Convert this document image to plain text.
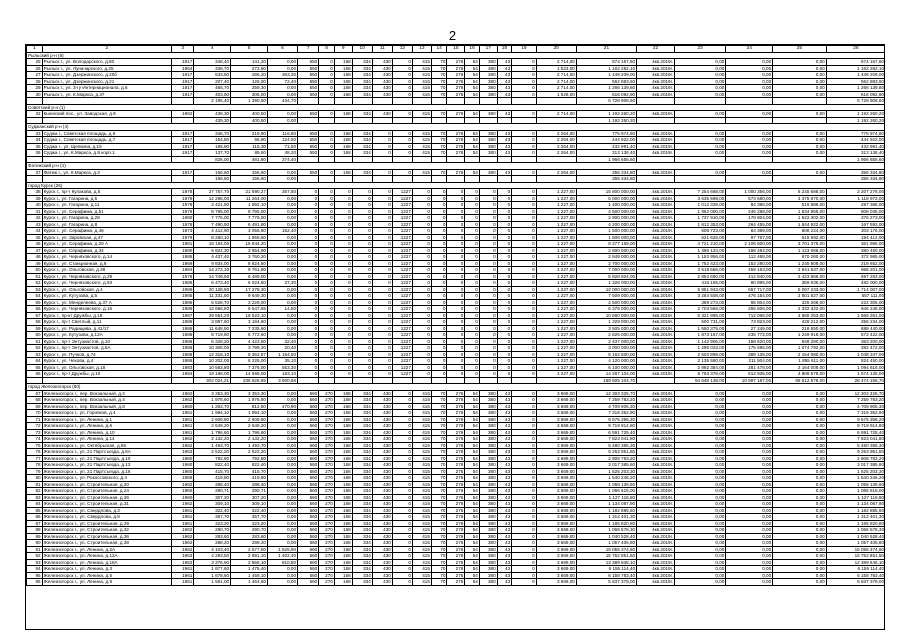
2
1	2	3	4	5	6	7	8	9	10	11	12	13	14	15	16	17	18	19	20	21	22	23	24	25	26
Рыльский р-н (6)																									
25	Рыльск г., ул. Володарского, д.80	1917	348,40	141,20	0,00	550	0	168	334	430	0	415	70	276	54	380	43	0	2 714,00	674 157,60	4кв.2019г.	0,00	0,00	0,00	674 157,60
26	Рыльск г., ул. Луначарского, д.25	1954	336,70	272,80	0,00	550	0	168	334	430	0	415	70	276	54	380	43	0	1 523,00	1 162 282,10	4кв.2019г.	0,00	0,00	0,00	1 162 282,10
27	Рыльск г., ул. Дзержинского, д.20б	1917	533,50	286,20	363,30	550	0	168	334	430	0	415	70	276	54	380	43	0	2 714,00	1 448 209,00	4кв.2019г.	0,00	0,00	0,00	1 448 209,00
28	Рыльск г., ул. Дзержинского, д.21	1917	207,40	126,00	72,40	550	0	168	334	430	0	415	70	276	54	380	43	0	2 714,00	562 883,60	4кв.2019г.	0,00	0,00	0,00	562 883,60
29	Рыльск г., ул. 3-гу Интернационала, д.6	1917	465,70	259,30	0,00	550	0	168	334	430	0	415	70	276	54	380	43	0	2 714,00	1 266 139,80	4кв.2019г.	0,00	0,00	0,00	1 266 139,80
30	Рыльск г., ул. К.Маркса, д.37	1917	403,50	306,00	0,00	550	0	168	334	430	0	415	70	276	54	380	43	0	1 528,00	616 092,90	4кв.2019г.	0,00	0,00	0,00	616 092,90
			2 195,40	1 390,50	434,70															5 728 908,60					5 728 908,60
Советский р-н (1)																									
32	Кшенский пос., ул. Заводская, д.9	1962	439,30	400,50	0,00	550	0	168	334	430	0	415	70	276	54	380	43	0	2 714,00	1 192 260,20	4кв.2019г.	0,00	0,00	0,00	1 192 260,20
			439,30	400,50	0,00															1 192 260,20					1 192 260,20
Суджанский р-н (4)																									
33	Суджа г., Советская площадь, д.9	1917	336,70	219,90	116,80	550	0	168	334	0	0	415	70	276	54	380	43	0	2 264,00	775 974,80	4кв.2019г.	0,00	0,00	0,00	775 974,80
34	Суджа г., Советская площадь, д.7	1917	164,80	56,90	124,50	550	0	168	334	0	0	415	70	276	54	380	43	0	2 264,00	444 922,00	4кв.2019г.	0,00	0,00	0,00	444 922,00
35	Суджа г., ул. Щепкина, д.15	1917	186,80	115,30	71,50	550	0	168	334	0	0	415	70	276	54	380	43	0	2 264,00	432 991,40	4кв.2019г.	0,00	0,00	0,00	432 991,40
36	Суджа г., ул. К.Маркса, д.8 корп.1	1917	137,70	89,50	48,20	550	0	168	334	0	0	415	70	276	54	380	43	0	2 264,00	313 136,40	4кв.2019г.	0,00	0,00	0,00	313 136,40
			826,00	481,60	374,40															1 966 655,60					1 966 655,60
Фатежский р-н (1)																									
37	Фатеж г., ул. К.Маркса, д.3	1917	156,60	156,60	0,00	550	0	168	334	0	0	415	70	276	54	380	43	0	2 264,00	356 334,80	4кв.2019г.	0,00	0,00	0,00	356 334,80
			156,60	156,60	0,00															356 334,80					356 334,80
город Курск (26)																									
38	Курск г., пр-т Кулакова, д.5	1978	27 757,70	21 890,27	357,50	0	0	0	0	0	1227	0	0	0	0	0	0	0	1 227,00	15 800 000,00	4кв.2019г.	7 254 688,00	1 000 356,00	6 245 688,00	2 207 276,00
39	Курск г., ул. Гагарина, д.5	1978	12 298,00	11 264,00	0,00	0	0	0	0	0	1227	0	0	0	0	0	0	0	1 227,00	6 000 000,00	4кв.2019г.	3 635 599,00	573 680,00	3 375 870,00	1 118 973,00
40	Курск г., ул. Гагарина, д.11	1978	3 421,50	1 892,10	0,00	0	0	0	0	0	1227	0	0	0	0	0	0	0	1 227,00	1 400 000,00	4кв.2019г.	1 012 339,00	84 386,00	516 889,00	297 386,00
41	Курск г., ул. Серафима, д.51	1979	8 795,00	8 795,00	0,00	0	0	0	0	0	1227	0	0	0	0	0	0	0	1 227,00	4 500 000,00	4кв.2019г.	1 962 000,00	246 288,00	1 634 955,00	808 045,00
42	Курск г., ул. Гагарина, д.28	1980	7 776,00	7 776,00	0,00	0	0	0	0	0	1227	0	0	0	0	0	0	0	1 227,00	2 900 000,00	4кв.2019г.	1 737 910,00	178 804,00	1 522 302,00	376 273,00
43	Курск г., ул. Гагарина, д.8	1978	7 490,50	6 491,80	0,00	0	0	0	0	0	1227	0	0	0	0	0	0	0	1 227,00	4 200 000,00	4кв.2019г.	1 812 353,00	264 455,00	1 844 922,00	167 592,00
44	Курск г., ул. Серафима, д.46	1973	4 412,90	3 055,60	152,40	0	0	0	0	0	1227	0	0	0	0	0	0	0	1 227,00	1 500 000,00	4кв.2019г.	608 723,00	64 389,00	608 224,00	303 176,00
45	Курск г., ул. Заровская, д.47	1979	8 260,10	1 959,60	0,00	0	0	0	0	0	1227	0	0	0	0	0	0	0	1 227,00	1 608 000,00	4кв.2019г.	621 625,00	97 767,00	515 592,00	194 412,00
46	Курск г., ул. Серафима, д.29 А	1981	18 184,00	15 844,20	0,00	0	0	0	0	0	1227	0	0	0	0	0	0	0	1 227,00	8 377 169,00	4кв.2019г.	4 721 210,00	2 105 600,00	3 701 375,00	361 985,00
47	Курск г., ул. Серафима, д.34	1980	6 824,30	3 654,90	0,00	0	0	0	0	0	1227	0	0	0	0	0	0	0	1 227,00	2 800 000,00	4кв.2019г.	1 396 134,00	168 484,00	1 123 066,00	380 460,00
48	Курск г., ул. Черняховского, д.14	1985	4 437,40	3 760,20	0,00	0	0	0	0	0	1227	0	0	0	0	0	0	0	1 227,00	2 849 000,00	4кв.2019г.	1 153 956,00	112 468,00	670 260,00	372 985,00
49	Курск г., ул. Станционная, д.8	1969	9 834,00	8 824,60	0,00	0	0	0	0	0	1227	0	0	0	0	0	0	0	1 227,00	2 700 000,00	4кв.2019г.	1 752 423,00	153 280,00	1 245 808,00	219 652,00
50	Курск г., ул. Ольговская, д.38	1984	14 272,30	9 761,80	0,00	0	0	0	0	0	1227	0	0	0	0	0	0	0	1 227,00	7 000 000,00	4кв.2019г.	3 518 666,00	459 163,00	2 941 637,00	968 201,00
51	Курск г., ул. Черняховского, д.29	1978	14 749,50	6 489,00	0,00	0	0	0	0	0	1227	0	0	0	0	0	0	0	1 227,00	5 828 604,00	4кв.2019г.	2 853 680,00	412 840,00	2 423 866,00	697 283,00
52	Курск г., ул. Черняховского, д.53	1985	6 473,40	6 024,50	37,30	0	0	0	0	0	1227	0	0	0	0	0	0	0	1 227,00	1 328 000,00	4кв.2019г.	416 155,00	80 895,00	359 635,00	482 000,00
53	Курск г., ул. Ольговская, д.4	1986	20 128,80	17 278,30	0,00	0	0	0	0	0	1227	0	0	0	0	0	0	0	1 227,00	12 000 000,00	4кв.2019г.	5 851 943,00	657 717,00	5 097 233,00	1 714 007,00
54	Курск г., ул. Кутузова, д.5	1985	11 331,50	9 649,30	0,00	0	0	0	0	0	1227	0	0	0	0	0	0	0	1 227,00	7 509 000,00	4кв.2019г.	3 264 508,00	476 154,00	2 801 827,00	557 111,00
55	Курск г., ул. Менделеева, д.37 А	1986	5 528,70	3 229,00	0,00	0	0	0	0	0	1227	0	0	0	0	0	0	0	1 227,00	2 500 000,00	4кв.2019г.	389 273,00	85 804,00	325 268,00	222 305,00
56	Курск г., ул. Черняховского, д.16	1986	12 666,80	9 547,65	14,50	0	0	0	0	0	1227	0	0	0	0	0	0	0	1 227,00	6 375 000,00	4кв.2019г.	2 703 666,00	265 606,00	2 332 322,00	946 245,00
57	Курск г., пр-кт Дружбы, д.18	1987	29 554,20	18 523,10	0,00	0	0	0	0	0	1227	0	0	0	0	0	0	0	1 227,00	10 680 000,00	4кв.2019г.	5 321 896,00	712 066,00	4 668 253,00	1 665 261,00
58	Курск г., пр-т Светлый, д.11	1986	3 897,60	3 194,60	0,00	0	0	0	0	0	1227	0	0	0	0	0	0	0	1 227,00	1 329 000,00	4кв.2019г.	500 731,00	73 823,00	428 212,00	356 234,00
59	Курск г., ул. Радищева, д.41/17	1986	11 648,50	7 235,60	0,00	0	0	0	0	0	1227	0	0	0	0	0	0	0	1 227,00	3 505 000,00	4кв.2019г.	1 550 375,00	27 249,00	218 650,00	688 440,00
60	Курск г., ул. Кутузова, д.12А	1986	8 719,80	6 772,60	0,00	0	0	0	0	0	1227	0	0	0	0	0	0	0	1 227,00	2 625 000,00	4кв.2019г.	1 873 167,00	235 772,00	1 249 918,00	572 422,00
61	Курск г., пр-т Энтузиастов, д.10	1986	6 328,20	4 423,60	32,40	0	0	0	0	0	1227	0	0	0	0	0	0	0	1 227,00	2 437 000,00	4кв.2019г.	1 142 906,00	158 620,00	948 290,00	363 200,00
62	Курск г., пр-т Энтузиастов, д.5А	1986	10 308,00	3 799,20	20,40	0	0	0	0	0	1227	0	0	0	0	0	0	0	1 227,00	3 000 000,00	4кв.2019г.	1 295 033,00	175 695,00	1 074 792,00	392 472,00
63	Курск г., ул. Пучков, д.74	1986	12 318,10	9 352,87	1 184,50	0	0	0	0	0	1227	0	0	0	0	0	0	0	1 227,00	5 162 500,00	4кв.2019г.	2 503 898,00	389 138,00	2 154 080,00	1 048 347,00
64	Курск г., ул. Чехова, д.4	1986	10 202,00	6 225,00	35,10	0	0	0	0	0	1227	0	0	0	0	0	0	0	1 227,00	4 120 000,00	4кв.2019г.	2 135 580,00	211 504,00	1 855 611,00	824 450,00
65	Курск г., ул. Ольговская, д.18	1983	10 563,80	7 376,00	553,30	0	0	0	0	0	1227	0	0	0	0	0	0	0	1 227,00	6 100 000,00	4кв.2019г.	2 992 384,00	281 478,00	2 164 006,00	1 094 816,00
66	Курск г., пр-т Дружбы, д.10	1984	19 198,00	14 668,00	183,10	0	0	0	0	0	1227	0	0	0	0	0	0	0	1 227,00	14 287 104,00	4кв.2019г.	6 793 376,00	612 935,00	4 808 578,00	1 574 135,00
			302 024,21	235 526,95	3 600,86															169 925 104,70		94 648 138,00	10 997 187,00	88 512 578,00	28 474 155,70
город Железногорск (60)																									
67	Железногорск г., пер. Вокзальный, д.2	1962	3 353,30	3 353,30	0,00	560	270	168	334	430	0	415	70	276	54	380	43	0	3 669,00	12 303 325,70	4кв.2019г.	0,00	0,00	0,00	12 303 325,70
68	Железногорск г., пер. Вокзальный, д.4	1962	1 978,60	1 976,60	0,00	560	270	168	334	430	0	415	70	276	54	380	43	0	3 669,00	7 259 783,20	4кв.2019г.	0,00	0,00	0,00	7 259 783,20
69	Железногорск г., пер. Вокзальный, д.8	1960	1 283,70	812,80	470,90	560	270	168	334	430	0	415	70	276	54	380	43	0	3 669,00	4 709 905,30	4кв.2019г.	0,00	0,00	0,00	4 709 905,30
70	Железногорск г., ул. Горняков, д.4	1961	1 994,10	1 994,10	0,00	560	270	168	334	430	0	415	70	276	54	380	43	0	3 669,00	7 316 352,90	4кв.2019г.	0,00	0,00	0,00	7 316 352,90
71	Железногорск г., ул. Ленина, д.1	1961	2 609,80	2 609,80	0,00	560	270	168	334	430	0	415	70	276	54	380	43	0	3 669,00	9 575 356,20	4кв.2019г.	0,00	0,00	0,00	9 575 356,20
72	Железногорск г., ул. Ленина, д.6	1961	2 649,20	2 649,20	0,00	560	270	168	334	430	0	415	70	276	54	380	43	0	3 669,00	9 719 914,80	4кв.2019г.	0,00	0,00	0,00	9 719 914,80
73	Железногорск г., ул. Ленина, д.10	1961	1 796,60	1 796,60	0,00	560	270	168	334	430	0	415	70	276	54	380	43	0	3 669,00	6 591 725,40	4кв.2019г.	0,00	0,00	0,00	6 591 725,40
74	Железногорск г., ул. Ленина, д.14	1962	2 132,20	2 132,20	0,00	560	270	168	334	430	0	415	70	276	54	380	43	0	3 669,00	7 823 041,80	4кв.2019г.	0,00	0,00	0,00	7 823 041,80
75	Железногорск г., ул. Октябрьская, д.85	1962	1 493,70	1 493,70	0,00	560	270	168	334	430	0	415	70	276	54	380	43	0	3 669,00	5 480 385,30	4кв.2019г.	0,00	0,00	0,00	5 480 385,30
76	Железногорск г., ул. 21 Партсъезда, д.6А	1963	2 522,20	2 522,20	0,00	560	270	168	334	430	0	415	70	276	54	380	43	0	3 669,00	9 253 951,80	4кв.2019г.	0,00	0,00	0,00	9 253 951,80
77	Железногорск г., ул. 21 Партсъезда, д.10	1960	792,80	792,80	0,00	560	270	168	334	430	0	415	70	276	54	380	43	0	3 669,00	2 908 783,20	4кв.2019г.	0,00	0,00	0,00	2 908 783,20
78	Железногорск г., ул. 21 Партсъезда, д.13	1960	822,40	822,40	0,00	560	270	168	334	430	0	415	70	276	54	380	43	0	3 669,00	3 017 385,60	4кв.2019г.	0,00	0,00	0,00	3 017 385,60
79	Железногорск г., ул. 21 Партсъезда, д.16	1960	415,70	415,70	0,00	560	270	168	334	430	0	415	70	276	54	380	43	0	3 669,00	1 525 203,30	4кв.2019г.	0,00	0,00	0,00	1 525 203,30
80	Железногорск г., ул. Рокоссовского, д.4	1959	419,80	419,80	0,00	560	270	168	334	430	0	415	70	276	54	380	43	0	3 669,00	1 540 246,20	4кв.2019г.	0,00	0,00	0,00	1 540 246,20
81	Железногорск г., ул. Строительная, д.20	1962	288,40	288,40	0,00	560	270	168	334	430	0	415	70	276	54	380	43	0	3 669,00	1 058 139,60	4кв.2019г.	0,00	0,00	0,00	1 058 139,60
82	Железногорск г., ул. Строительная, д.24	1960	290,71	290,71	0,00	560	270	168	334	430	0	415	70	276	54	380	43	0	3 669,00	1 066 615,00	4кв.2019г.	0,00	0,00	0,00	1 066 615,00
83	Железногорск г., ул. Строительная, д.26	1960	307,20	307,20	0,00	560	270	168	334	430	0	415	70	276	54	380	43	0	3 669,00	1 127 116,80	4кв.2019г.	0,00	0,00	0,00	1 127 116,80
84	Железногорск г., ул. Строительная, д.31	1962	309,10	309,10	0,00	560	270	168	334	430	0	415	70	276	54	380	43	0	3 669,00	1 134 087,90	4кв.2019г.	0,00	0,00	0,00	1 134 087,90
85	Железногорск г., ул. Свердлова, д.3	1961	322,40	322,40	0,00	560	270	168	334	430	0	415	70	276	54	380	43	0	3 669,00	1 182 885,60	4кв.2019г.	0,00	0,00	0,00	1 182 885,60
86	Железногорск г., ул. Свердлова, д.8	1961	357,70	357,70	0,00	560	270	168	334	430	0	415	70	276	54	380	43	0	3 669,00	1 312 401,30	4кв.2019г.	0,00	0,00	0,00	1 312 401,30
87	Железногорск г., ул. Строительная, д.29	1961	323,20	323,20	0,00	560	270	168	334	430	0	415	70	276	54	380	43	0	3 669,00	1 185 820,80	4кв.2019г.	0,00	0,00	0,00	1 185 820,80
88	Железногорск г., ул. Строительная, д.32	1962	290,70	290,70	0,00	560	270	168	334	430	0	415	70	276	54	380	43	0	3 669,00	1 066 578,30	4кв.2019г.	0,00	0,00	0,00	1 066 578,30
89	Железногорск г., ул. Строительная, д.36	1962	283,60	283,60	0,00	560	270	168	334	430	0	415	70	276	54	380	43	0	3 669,00	1 040 528,40	4кв.2019г.	0,00	0,00	0,00	1 040 528,40
90	Железногорск г., ул. Строительная, д.38	1962	288,20	288,20	0,00	560	270	168	334	430	0	415	70	276	54	380	43	0	3 669,00	1 057 405,80	4кв.2019г.	0,00	0,00	0,00	1 057 405,80
91	Железногорск г., ул. Ленина, д.2А	1962	4 103,40	2 577,50	1 525,90	560	270	168	334	430	0	415	70	276	54	380	43	0	3 669,00	15 055 374,60	4кв.2019г.	0,00	0,00	0,00	15 055 374,60
92	Железногорск г., ул. Ленина, д.12А	1963	4 293,50	2 891,10	1 402,40	560	270	168	334	430	0	415	70	276	54	380	43	0	3 669,00	15 752 851,50	4кв.2019г.	0,00	0,00	0,00	15 752 851,50
93	Железногорск г., ул. Ленина, д.18А	1962	3 376,90	2 566,10	810,80	560	270	168	334	430	0	415	70	276	54	380	43	0	3 669,00	12 389 846,10	4кв.2019г.	0,00	0,00	0,00	12 389 846,10
94	Железногорск г., ул. Ленина, д.3	1961	1 677,60	1 475,40	0,00	560	270	168	334	430	0	415	70	276	54	380	43	0	3 669,00	6 155 114,40	4кв.2019г.	0,00	0,00	0,00	6 155 114,40
95	Железногорск г., ул. Ленина, д.5	1961	1 678,60	1 459,10	0,00	560	270	168	334	430	0	415	70	276	54	380	43	0	3 669,00	6 158 783,40	4кв.2019г.	0,00	0,00	0,00	6 158 783,40
96	Железногорск г., ул. Ленина, д.9	1961	1 591,00	1 464,60	0,00	560	270	168	334	430	0	415	70	276	54	380	43	0	3 669,00	5 837 379,00	4кв.2019г.	0,00	0,00	0,00	5 837 379,00
